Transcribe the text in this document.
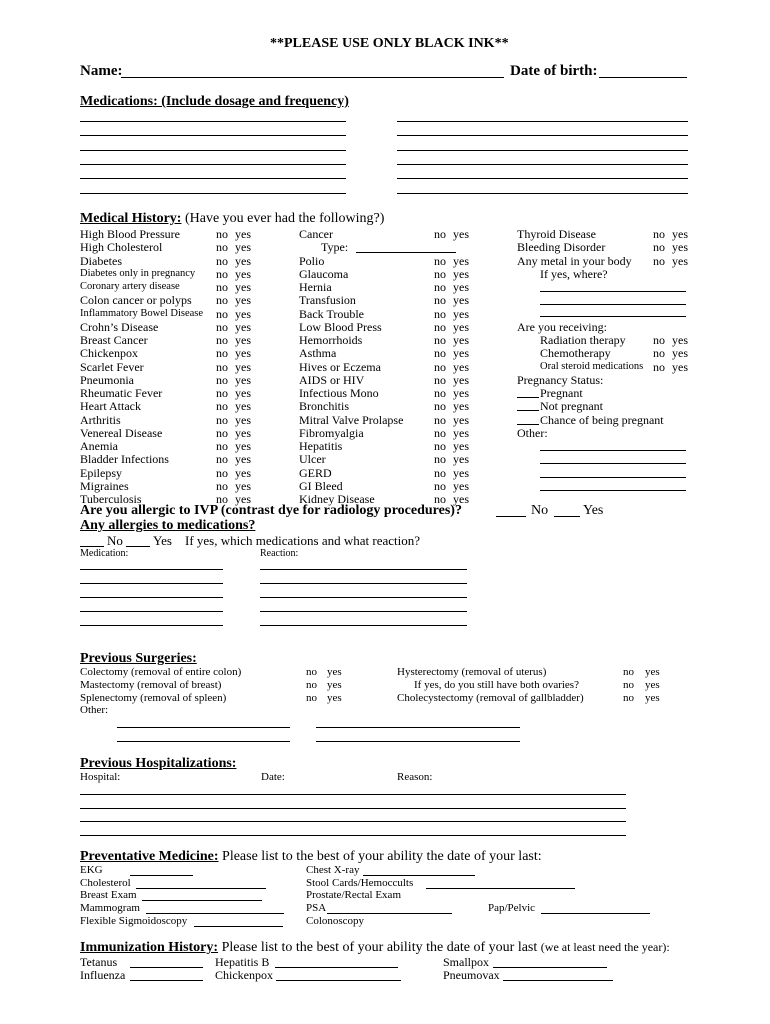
**PLEASE USE ONLY BLACK INK**
Name:	Date of birth:
Medications: (Include dosage and frequency)
Medical History: (Have you ever had the following?)
High Blood Pressure	no yes
High Cholesterol	no yes
Diabetes	no yes
Diabetes only in pregnancy no yes
Coronary artery disease	no yes
Colon cancer or polyps no yes
Inflammatory Bowel Disease no yes
Crohn’s Disease	no yes
Breast Cancer	no yes
Chickenpox	no yes
Scarlet Fever	no yes
Pneumonia	no yes
Rheumatic Fever	no yes
Heart Attack	no yes
Arthritis	no yes
Venereal Disease	no yes
Anemia	no yes
Bladder Infections	no yes
Epilepsy	no yes
Migraines	no yes
Tuberculosis	no yes
Cancer	no yes
Type:
Polio	no yes
Glaucoma	no yes
Hernia	no yes
Transfusion	no yes
Back Trouble	no yes
Low Blood Press	no yes
Hemorrhoids	no yes
Asthma	no yes
Hives or Eczema	no yes
AIDS or HIV	no yes
Infectious Mono	no yes
Bronchitis	no yes
Mitral Valve Prolapse	no yes
Fibromyalgia	no yes
Hepatitis	no yes
Ulcer	no yes
GERD	no yes
GI Bleed	no yes
Kidney Disease	no yes
Thyroid Disease	no yes
Bleeding Disorder	no yes
Any metal in your body no yes
If yes, where?
Are you receiving:
Radiation therapy no yes
Chemotherapy	no yes
Oral steroid medications no yes
Pregnancy Status:
Pregnant
Not pregnant
Chance of being pregnant
Other:
Are you allergic to IVP (contrast dye for radiology procedures)?	No Yes
Any allergies to medications?
No Yes If yes, which medications and what reaction?
Medication:	Reaction:
Previous Surgeries:
Colectomy (removal of entire colon)	no yes
Mastectomy (removal of breast)	no yes
Splenectomy (removal of spleen)	no yes
Hysterectomy (removal of uterus)	no yes
If yes, do you still have both ovaries?	no yes
Cholecystectomy (removal of gallbladder)	no yes
Other:
Previous Hospitalizations:
Hospital:	Date:	Reason:
Preventative Medicine: Please list to the best of your ability the date of your last:
EKG
Cholesterol
Breast Exam
Mammogram
Flexible Sigmoidoscopy
Chest X-ray
Stool Cards/Hemoccults
Prostate/Rectal Exam
PSA
Colonoscopy
Pap/Pelvic
Immunization History: Please list to the best of your ability the date of your last (we at least need the year):
Tetanus
Influenza
Hepatitis B
Chickenpox
Smallpox
Pneumovax
